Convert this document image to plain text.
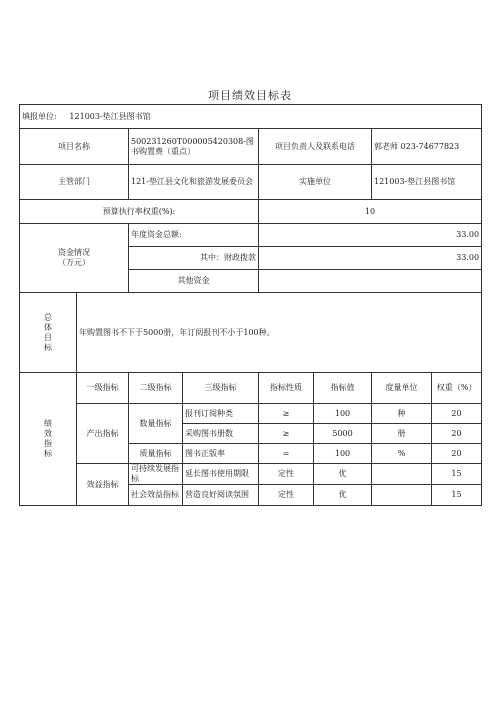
项目绩效目标表
填报单位: 121003-垫江县图书馆							
项目名称		500231260T000005420308-图书购置费（重点）		项目负责人及联系电话		郭老师 023-74677823	
主管部门		121-垫江县文化和旅游发展委员会		实施单位		121003-垫江县图书馆	
预算执行率权重(%):				10			
资金情况
（万元）		年度资金总额:		33.00			
		其中：财政拨款		33.00			
		其他资金					

总
体
目
标	年购置图书不下于5000册，年订阅报刊不小于100种。						

绩
效
指
标	一级指标	二级指标	三级指标	指标性质	指标值	度量单位	权重（%）
	产出指标	数量指标	报刊订阅种类	≥	100	种	20
			采购图书册数	≥	5000	册	20
		质量指标	图书正版率	=	100	%	20
	效益指标	可持续发展指标	延长图书使用期限	定性	优		15
		社会效益指标	营造良好阅读氛围	定性	优		15
